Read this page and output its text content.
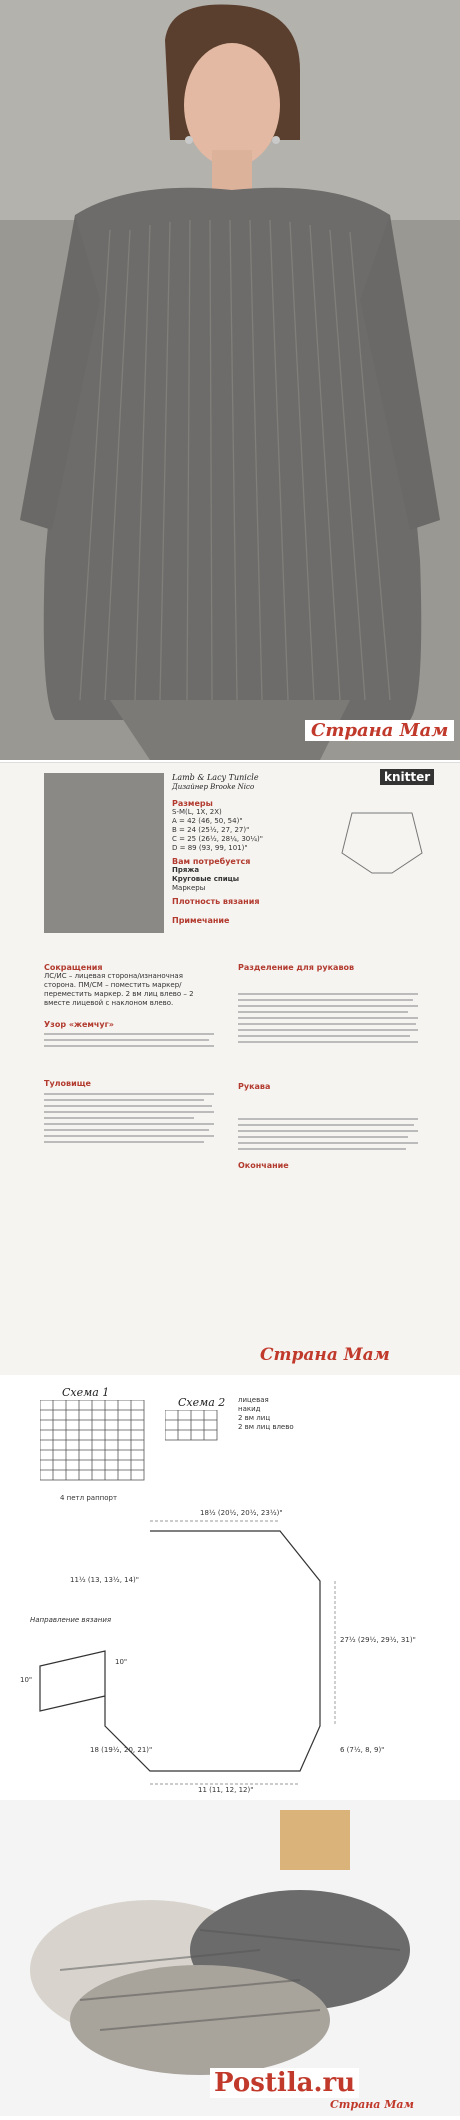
Страна Мам
Lamb & Lacy Tunicle
Дизайнер Brooke Nico
knitter
Размеры
S-M(L, 1X, 2X)
A = 42 (46, 50, 54)"
B = 24 (25½, 27, 27)"
C = 25 (26½, 28¼, 30¼)"
D = 89 (93, 99, 101)"
Вам потребуется
Пряжа
Круговые спицы
Маркеры
Плотность вязания
Примечание
Сокращения
ЛС/ИС – лицевая сторона/изнаночная сторона. ПМ/СМ – поместить маркер/переместить маркер. 2 вм лиц влево – 2 вместе лицевой с наклоном влево.
Узор «жемчуг»
Туловище
Разделение для рукавов
Рукава
Окончание
Страна Мам
Схема 1
4 петл раппорт
Схема 2 лицевая
накид
2 вм лиц
2 вм лиц влево
18½ (20½, 20½, 23½)"
11 (11, 12, 12)"
27½ (29½, 29½, 31)"
6 (7½, 8, 9)"
11½ (13, 13½, 14)"
10"
10"
18 (19½, 20, 21)"
Направление вязания
Postila.ru
Страна Мам
